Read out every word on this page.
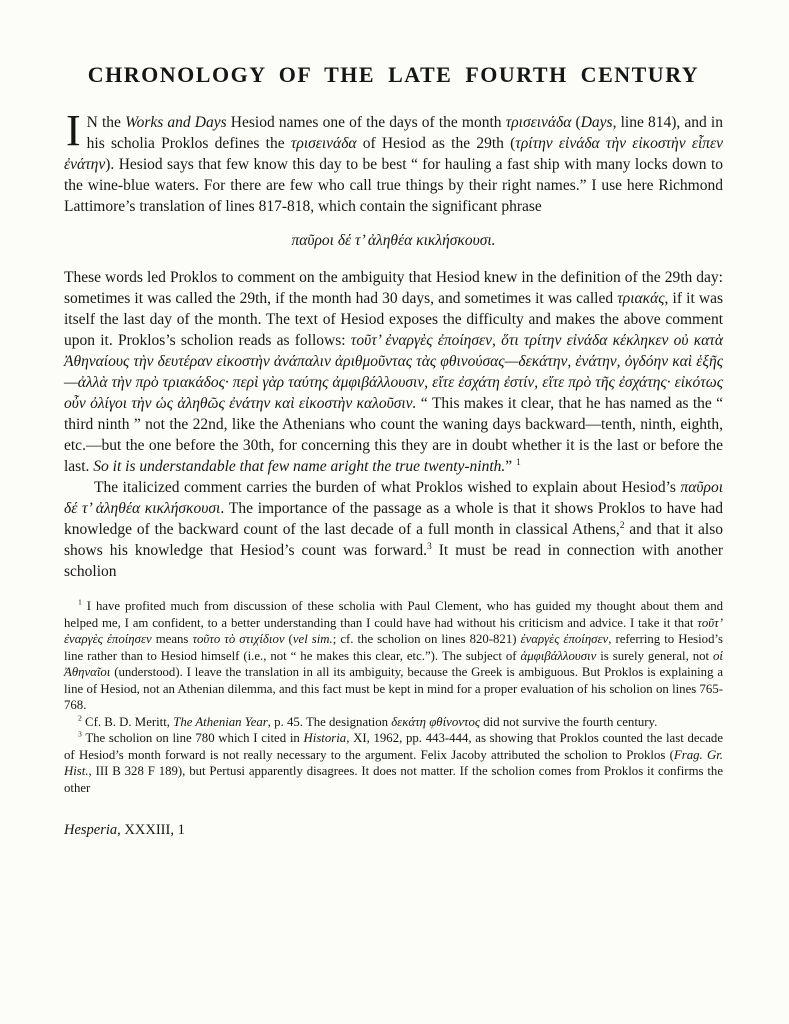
CHRONOLOGY OF THE LATE FOURTH CENTURY

I N the Works and Days Hesiod names one of the days of the month τρισεινάδα (Days, line 814), and in his scholia Proklos defines the τρισεινάδα of Hesiod as the 29th (τρίτην εἰνάδα τὴν εἰκοστὴν εἶπεν ἐνάτην). Hesiod says that few know this day to be best “ for hauling a fast ship with many locks down to the wine-blue waters. For there are few who call true things by their right names.” I use here Richmond Lattimore’s translation of lines 817-818, which contain the significant phrase

παῦροι δέ τ’ ἀληθέα κικλήσκουσι.

These words led Proklos to comment on the ambiguity that Hesiod knew in the definition of the 29th day: sometimes it was called the 29th, if the month had 30 days, and sometimes it was called τριακάς, if it was itself the last day of the month. The text of Hesiod exposes the difficulty and makes the above comment upon it. Proklos’s scholion reads as follows: τοῦτ’ ἐναργὲς ἐποίησεν, ὅτι τρίτην εἰνάδα κέκληκεν οὐ κατὰ Ἀθηναίους τὴν δευτέραν εἰκοστὴν ἀνάπαλιν ἀριθμοῦντας τὰς φθινούσας—δεκάτην, ἐνάτην, ὀγδόην καὶ ἑξῆς—ἀλλὰ τὴν πρὸ τριακάδος· περὶ γὰρ ταύτης ἀμφιβάλλουσιν, εἴτε ἐσχάτη ἐστίν, εἴτε πρὸ τῆς ἐσχάτης· εἰκότως οὖν ὀλίγοι τὴν ὡς ἀληθῶς ἐνάτην καὶ εἰκοστὴν καλοῦσιν. “ This makes it clear, that he has named as the “ third ninth ” not the 22nd, like the Athenians who count the waning days backward—tenth, ninth, eighth, etc.—but the one before the 30th, for concerning this they are in doubt whether it is the last or before the last. So it is understandable that few name aright the true twenty-ninth.” $^1$

The italicized comment carries the burden of what Proklos wished to explain about Hesiod’s παῦροι δέ τ’ ἀληθέα κικλήσκουσι. The importance of the passage as a whole is that it shows Proklos to have had knowledge of the backward count of the last decade of a full month in classical Athens,$^2$ and that it also shows his knowledge that Hesiod’s count was forward.$^3$ It must be read in connection with another scholion

$^1$ I have profited much from discussion of these scholia with Paul Clement, who has guided my thought about them and helped me, I am confident, to a better understanding than I could have had without his criticism and advice. I take it that τοῦτ’ ἐναργὲς ἐποίησεν means τοῦτο τὸ στιχίδιον (vel sim.; cf. the scholion on lines 820-821) ἐναργὲς ἐποίησεν, referring to Hesiod’s line rather than to Hesiod himself (i.e., not “ he makes this clear, etc.”). The subject of ἀμφιβάλλουσιν is surely general, not οἱ Ἀθηναῖοι (understood). I leave the translation in all its ambiguity, because the Greek is ambiguous. But Proklos is explaining a line of Hesiod, not an Athenian dilemma, and this fact must be kept in mind for a proper evaluation of his scholion on lines 765-768.

$^2$ Cf. B. D. Meritt, The Athenian Year, p. 45. The designation δεκάτη φθίνοντος did not survive the fourth century.

$^3$ The scholion on line 780 which I cited in Historia, XI, 1962, pp. 443-444, as showing that Proklos counted the last decade of Hesiod’s month forward is not really necessary to the argument. Felix Jacoby attributed the scholion to Proklos (Frag. Gr. Hist., III B 328 F 189), but Pertusi apparently disagrees. It does not matter. If the scholion comes from Proklos it confirms the other

Hesperia, XXXIII, 1
